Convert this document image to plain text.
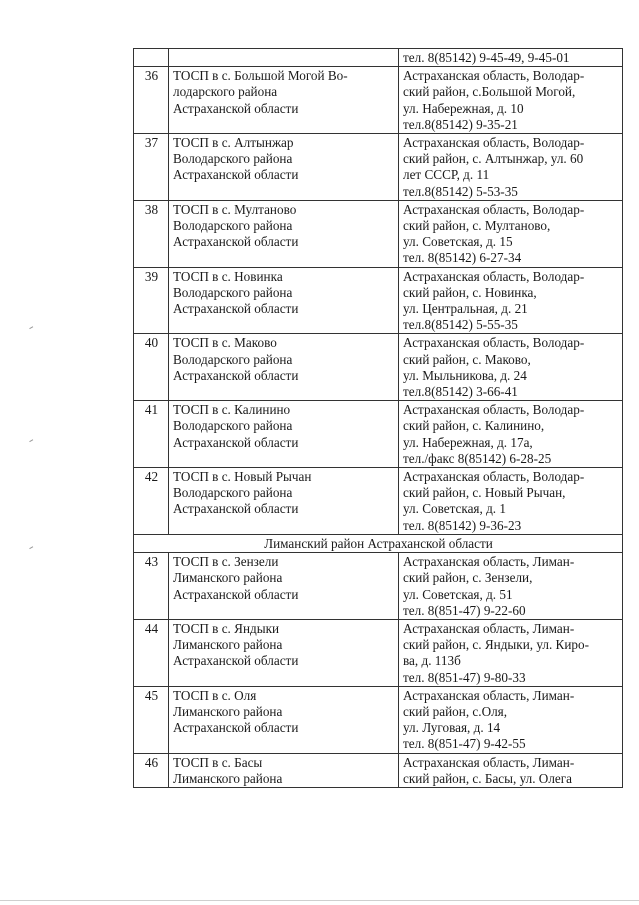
		тел. 8(85142) 9-45-49, 9-45-01

36	ТОСП в с. Большой Могой Во-
лодарского района
Астраханской области	Астраханская область, Володар-
ский район, с.Большой Могой,
ул. Набережная, д. 10
тел.8(85142) 9-35-21

37	ТОСП в с. Алтынжар
Володарского района
Астраханской области	Астраханская область, Володар-
ский район, с. Алтынжар, ул. 60
лет СССР, д. 11
тел.8(85142) 5-53-35

38	ТОСП в с. Мултаново
Володарского района
Астраханской области	Астраханская область, Володар-
ский район, с. Мултаново,
ул. Советская, д. 15
тел. 8(85142) 6-27-34

39	ТОСП в с. Новинка
Володарского района
Астраханской области	Астраханская область, Володар-
ский район, с. Новинка,
ул. Центральная, д. 21
тел.8(85142) 5-55-35

40	ТОСП в с. Маково
Володарского района
Астраханской области	Астраханская область, Володар-
ский район, с. Маково,
ул. Мыльникова, д. 24
тел.8(85142) 3-66-41

41	ТОСП в с. Калинино
Володарского района
Астраханской области	Астраханская область, Володар-
ский район, с. Калинино,
ул. Набережная, д. 17а,
тел./факс 8(85142) 6-28-25

42	ТОСП в с. Новый Рычан
Володарского района
Астраханской области	Астраханская область, Володар-
ский район, с. Новый Рычан,
ул. Советская, д. 1
тел. 8(85142) 9-36-23

Лиманский район Астраханской области		
43	ТОСП в с. Зензели
Лиманского района
Астраханской области	Астраханская область, Лиман-
ский район, с. Зензели,
ул. Советская, д. 51
тел. 8(851-47) 9-22-60

44	ТОСП в с. Яндыки
Лиманского района
Астраханской области	Астраханская область, Лиман-
ский район, с. Яндыки, ул. Киро-
ва, д. 113б
тел. 8(851-47) 9-80-33

45	ТОСП в с. Оля
Лиманского района
Астраханской области	Астраханская область, Лиман-
ский район, с.Оля,
ул. Луговая, д. 14
тел. 8(851-47) 9-42-55

46	ТОСП в с. Басы
Лиманского района	Астраханская область, Лиман-
ский район, с. Басы, ул. Олега
